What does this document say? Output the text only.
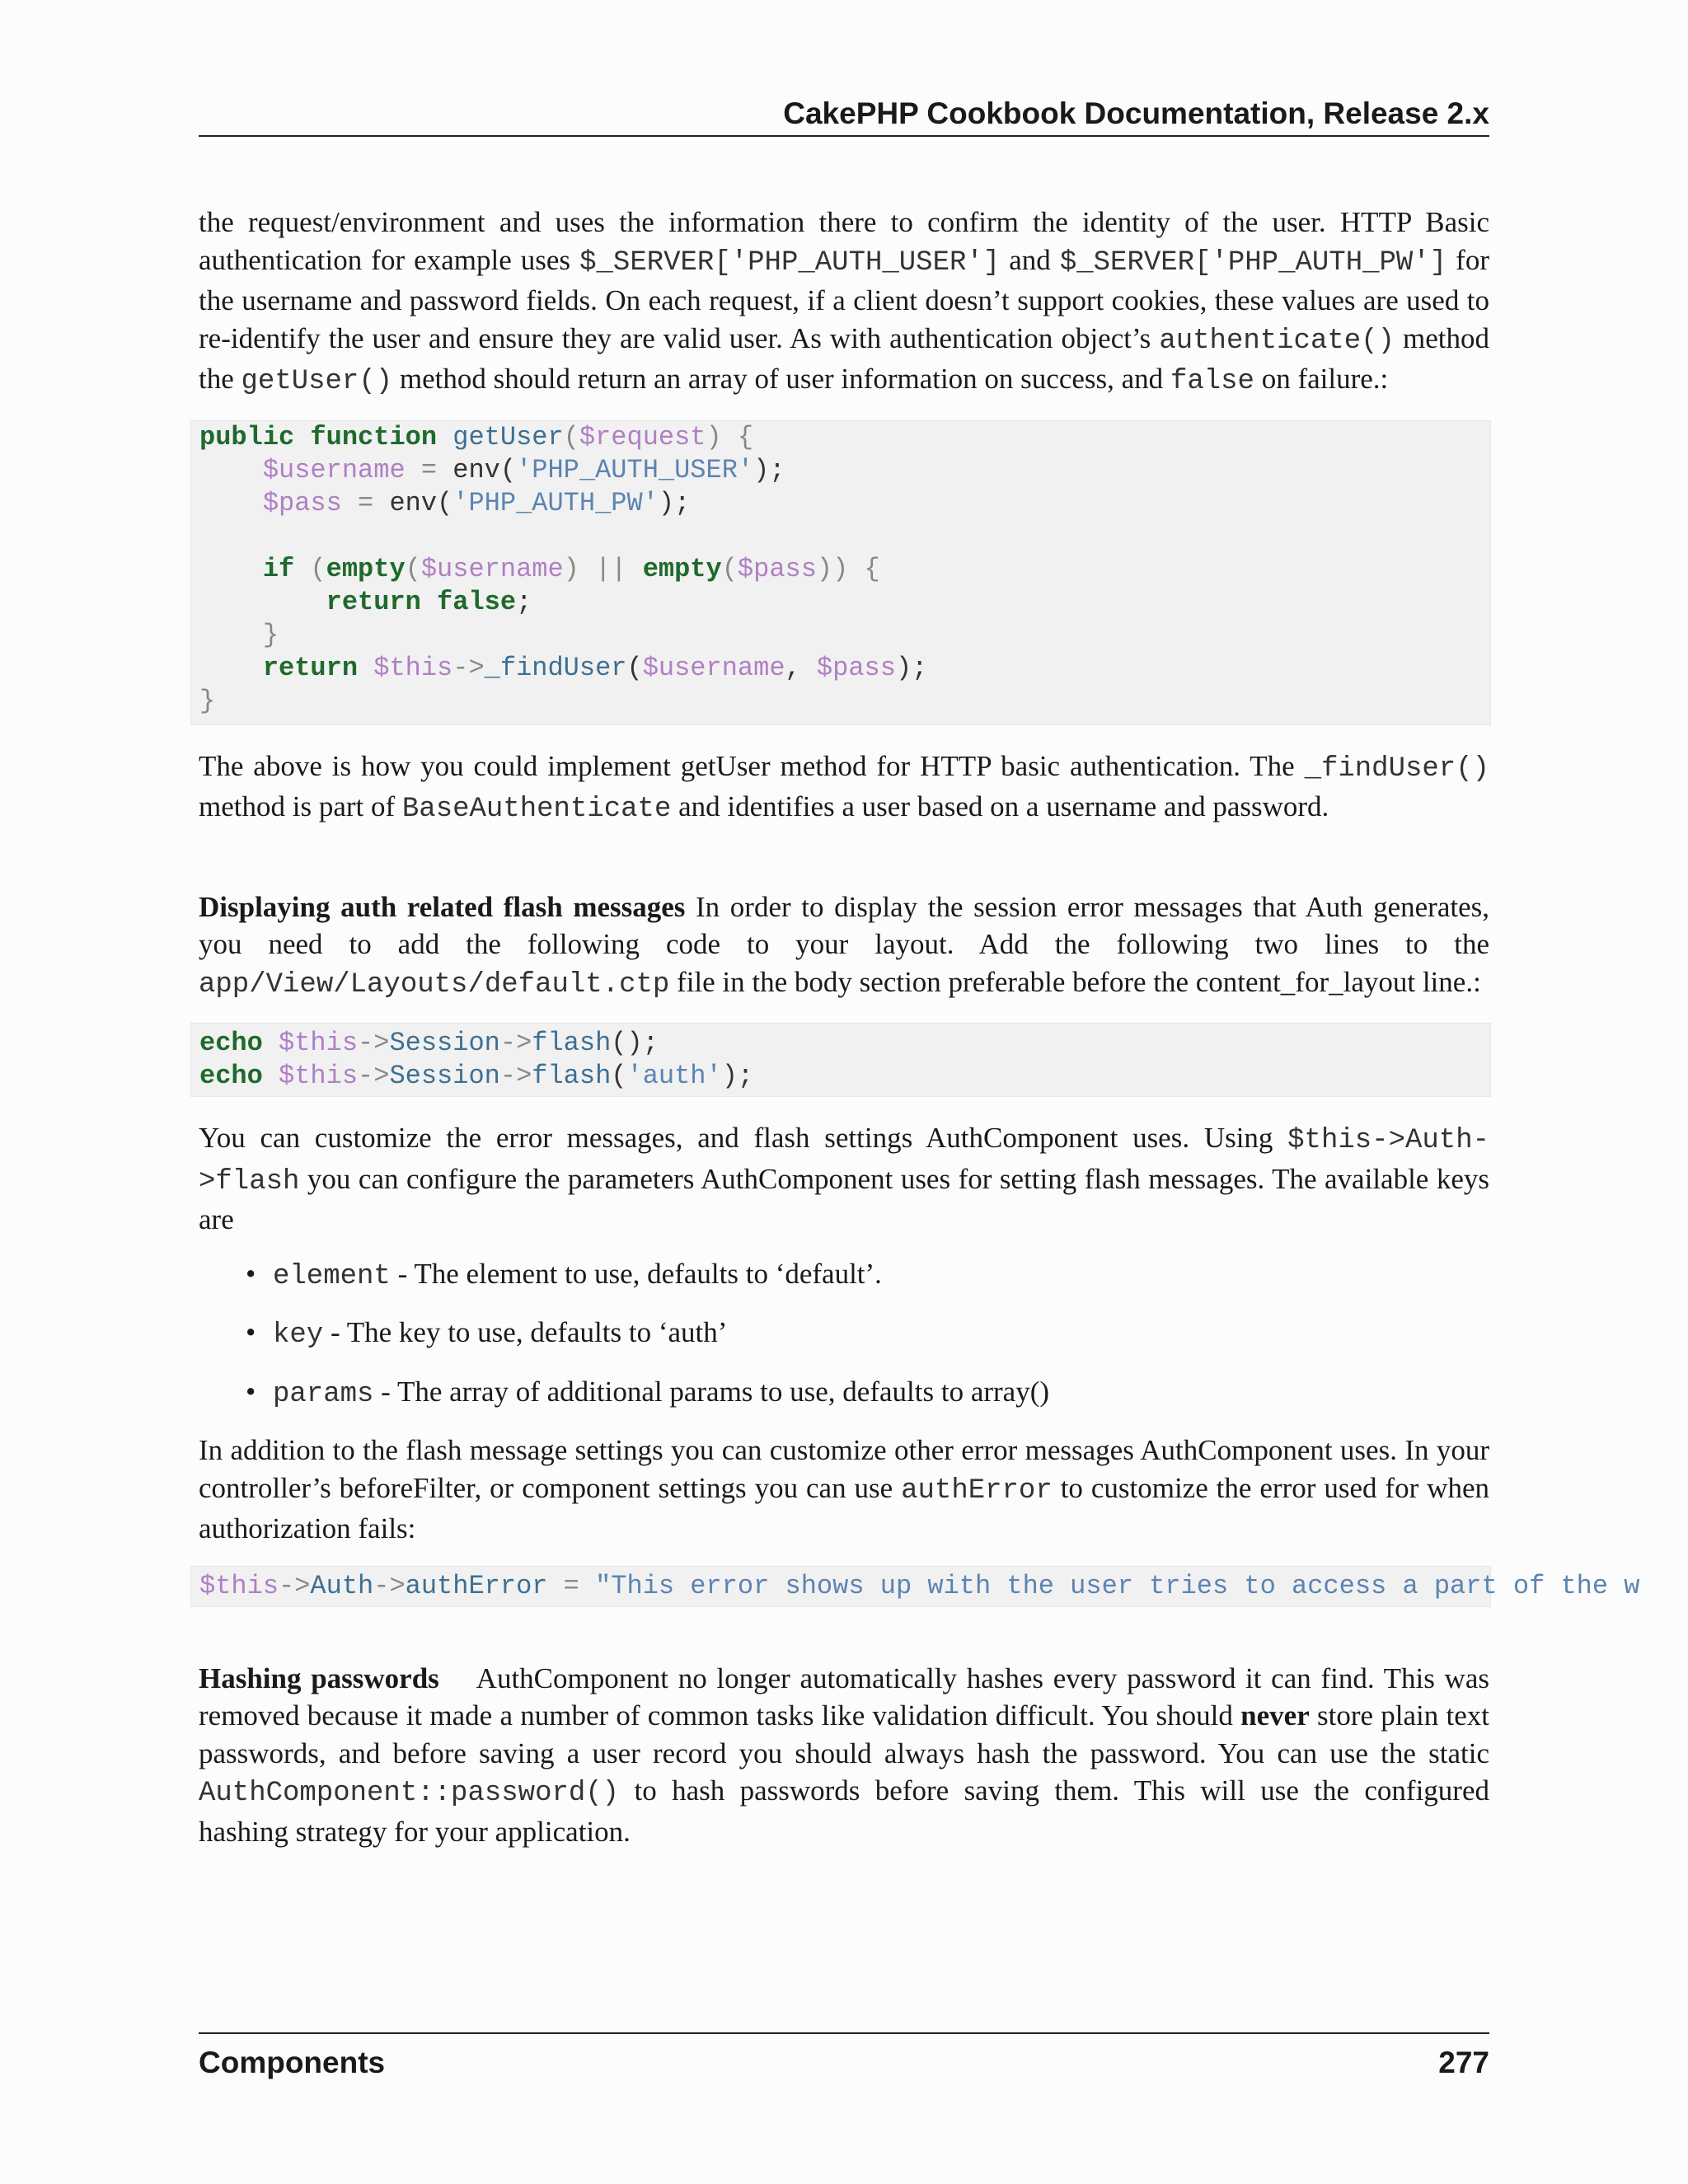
CakePHP Cookbook Documentation, Release 2.x

the request/environment and uses the information there to confirm the identity of the user. HTTP Basic authentication for example uses $_SERVER['PHP_AUTH_USER'] and $_SERVER['PHP_AUTH_PW'] for the username and password fields. On each request, if a client doesn’t support cookies, these values are used to re-identify the user and ensure they are valid user. As with authentication object’s authenticate() method the getUser() method should return an array of user information on success, and false on failure.:

public function getUser($request) {
$username = env('PHP_AUTH_USER');
$pass = env('PHP_AUTH_PW');

if (empty($username) || empty($pass)) {
return false;
}
return $this->_findUser($username, $pass);
}

The above is how you could implement getUser method for HTTP basic authentication. The _findUser() method is part of BaseAuthenticate and identifies a user based on a username and password.

Displaying auth related flash messages In order to display the session error messages that Auth generates, you need to add the following code to your layout. Add the following two lines to the app/View/Layouts/default.ctp file in the body section preferable before the content_for_layout line.:

echo $this->Session->flash();
echo $this->Session->flash('auth');

You can customize the error messages, and flash settings AuthComponent uses. Using $this->Auth->flash you can configure the parameters AuthComponent uses for setting flash messages. The available keys are

• element - The element to use, defaults to ‘default’.
• key - The key to use, defaults to ‘auth’
• params - The array of additional params to use, defaults to array()

In addition to the flash message settings you can customize other error messages AuthComponent uses. In your controller’s beforeFilter, or component settings you can use authError to customize the error used for when authorization fails:

$this->Auth->authError = "This error shows up with the user tries to access a part of the w

Hashing passwords    AuthComponent no longer automatically hashes every password it can find. This was removed because it made a number of common tasks like validation difficult. You should never store plain text passwords, and before saving a user record you should always hash the password. You can use the static AuthComponent::password() to hash passwords before saving them. This will use the configured hashing strategy for your application.

Components	277
